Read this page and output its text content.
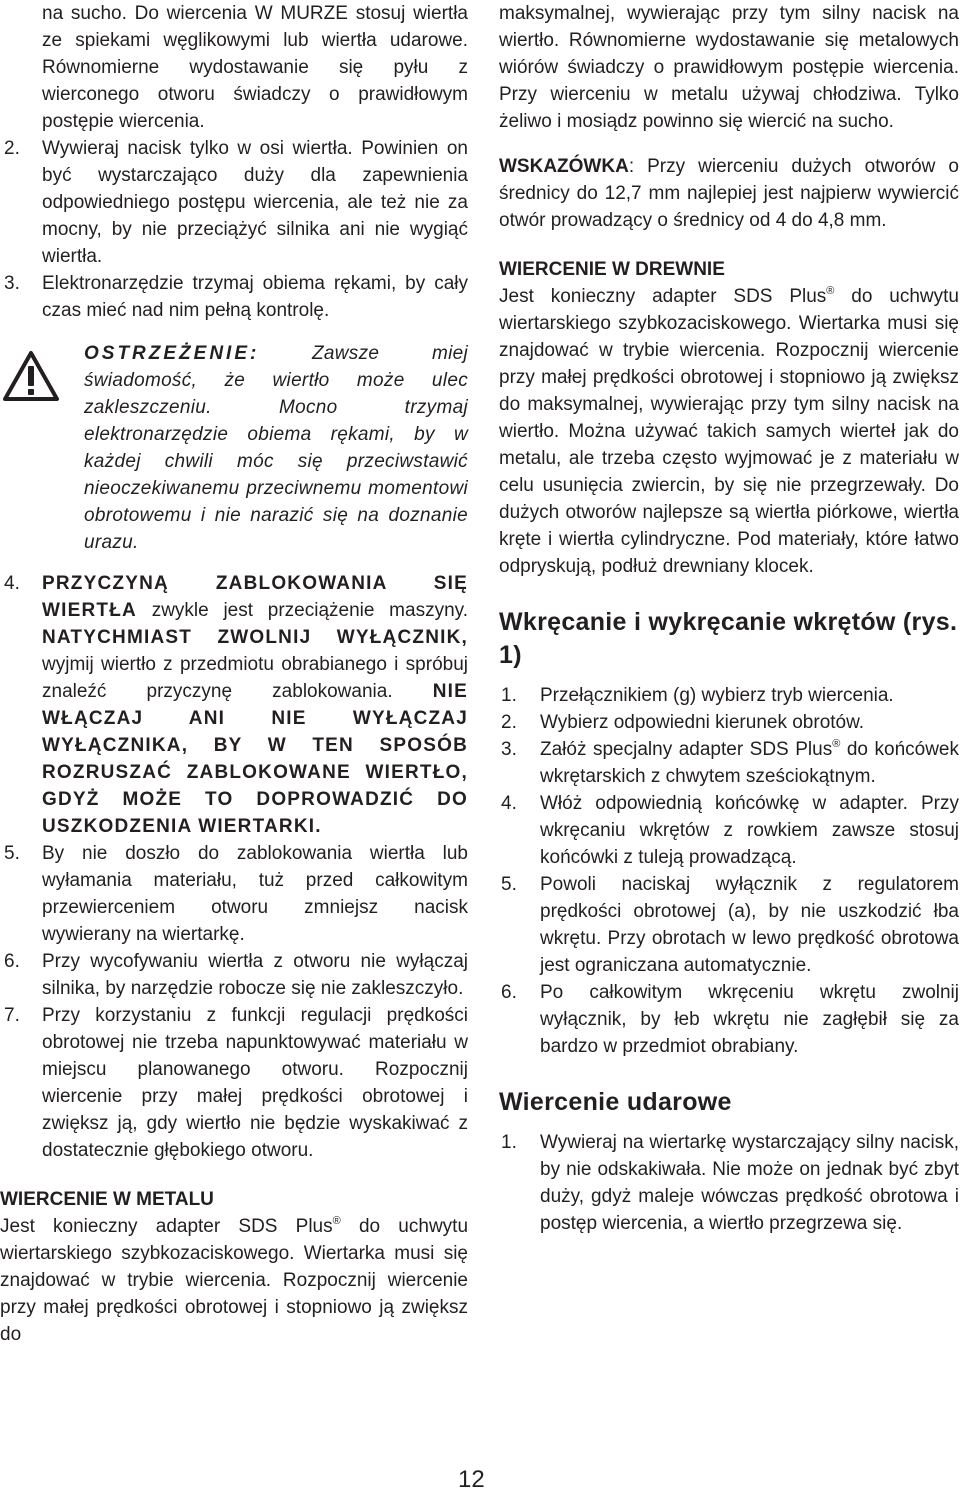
na sucho. Do wiercenia W MURZE stosuj wiertła ze spiekami węglikowymi lub wiertła udarowe. Równomierne wydostawanie się pyłu z wierconego otworu świadczy o prawidłowym postępie wiercenia.

2. Wywieraj nacisk tylko w osi wiertła. Powinien on być wystarczająco duży dla zapewnienia odpowiedniego postępu wiercenia, ale też nie za mocny, by nie przeciążyć silnika ani nie wygiąć wiertła.
3. Elektronarzędzie trzymaj obiema rękami, by cały czas mieć nad nim pełną kontrolę.
OSTRZEŻENIE:	Zawsze miej świadomość, że wiertło może ulec zakleszczeniu. Mocno trzymaj elektronarzędzie obiema rękami, by w każdej chwili móc się przeciwstawić nieoczekiwanemu przeciwnemu momentowi obrotowemu i nie narazić się na doznanie urazu.
4. PRZYCZYNĄ ZABLOKOWANIA SIĘ WIERTŁA zwykle jest przeciążenie maszyny. NATYCHMIAST ZWOLNIJ WYŁĄCZNIK, wyjmij wiertło z przedmiotu obrabianego i spróbuj znaleźć przyczynę zablokowania. NIE WŁĄCZAJ ANI NIE WYŁĄCZAJ WYŁĄCZNIKA, BY W TEN SPOSÓB ROZRUSZAĆ ZABLOKOWANE WIERTŁO, GDYŻ MOŻE TO DOPROWADZIĆ DO USZKODZENIA WIERTARKI.
5. By nie doszło do zablokowania wiertła lub wyłamania materiału, tuż przed całkowitym przewierceniem otworu zmniejsz nacisk wywierany na wiertarkę.
6. Przy wycofywaniu wiertła z otworu nie wyłączaj silnika, by narzędzie robocze się nie zakleszczyło.
7. Przy korzystaniu z funkcji regulacji prędkości obrotowej nie trzeba napunktowywać materiału w miejscu planowanego otworu. Rozpocznij wiercenie przy małej prędkości obrotowej i zwiększ ją, gdy wiertło nie będzie wyskakiwać z dostatecznie głębokiego otworu.
WIERCENIE W METALU

Jest konieczny adapter SDS Plus® do uchwytu wiertarskiego szybkozaciskowego. Wiertarka musi się znajdować w trybie wiercenia. Rozpocznij wiercenie przy małej prędkości obrotowej i stopniowo ją zwiększ do

maksymalnej, wywierając przy tym silny nacisk na wiertło. Równomierne wydostawanie się metalowych wiórów świadczy o prawidłowym postępie wiercenia. Przy wierceniu w metalu używaj chłodziwa. Tylko żeliwo i mosiądz powinno się wiercić na sucho.

WSKAZÓWKA: Przy wierceniu dużych otworów o średnicy do 12,7 mm najlepiej jest najpierw wywiercić otwór prowadzący o średnicy od 4 do 4,8 mm.

WIERCENIE W DREWNIE

Jest konieczny adapter SDS Plus® do uchwytu wiertarskiego szybkozaciskowego. Wiertarka musi się znajdować w trybie wiercenia. Rozpocznij wiercenie przy małej prędkości obrotowej i stopniowo ją zwiększ do maksymalnej, wywierając przy tym silny nacisk na wiertło. Można używać takich samych wierteł jak do metalu, ale trzeba często wyjmować je z materiału w celu usunięcia zwiercin, by się nie przegrzewały. Do dużych otworów najlepsze są wiertła piórkowe, wiertła kręte i wiertła cylindryczne. Pod materiały, które łatwo odpryskują, podłuż drewniany klocek.

Wkręcanie i wykręcanie wkrętów (rys. 1)
1. Przełącznikiem (g) wybierz tryb wiercenia.
2. Wybierz odpowiedni kierunek obrotów.
3. Załóż specjalny adapter SDS Plus® do końcówek wkrętarskich z chwytem sześciokątnym.
4. Włóż odpowiednią końcówkę w adapter. Przy wkręcaniu wkrętów z rowkiem zawsze stosuj końcówki z tuleją prowadzącą.
5. Powoli naciskaj wyłącznik z regulatorem prędkości obrotowej (a), by nie uszkodzić łba wkrętu. Przy obrotach w lewo prędkość obrotowa jest ograniczana automatycznie.
6. Po całkowitym wkręceniu wkrętu zwolnij wyłącznik, by łeb wkrętu nie zagłębił się za bardzo w przedmiot obrabiany.
Wiercenie udarowe
1. Wywieraj na wiertarkę wystarczający silny nacisk, by nie odskakiwała. Nie może on jednak być zbyt duży, gdyż maleje wówczas prędkość obrotowa i postęp wiercenia, a wiertło przegrzewa się.
12
